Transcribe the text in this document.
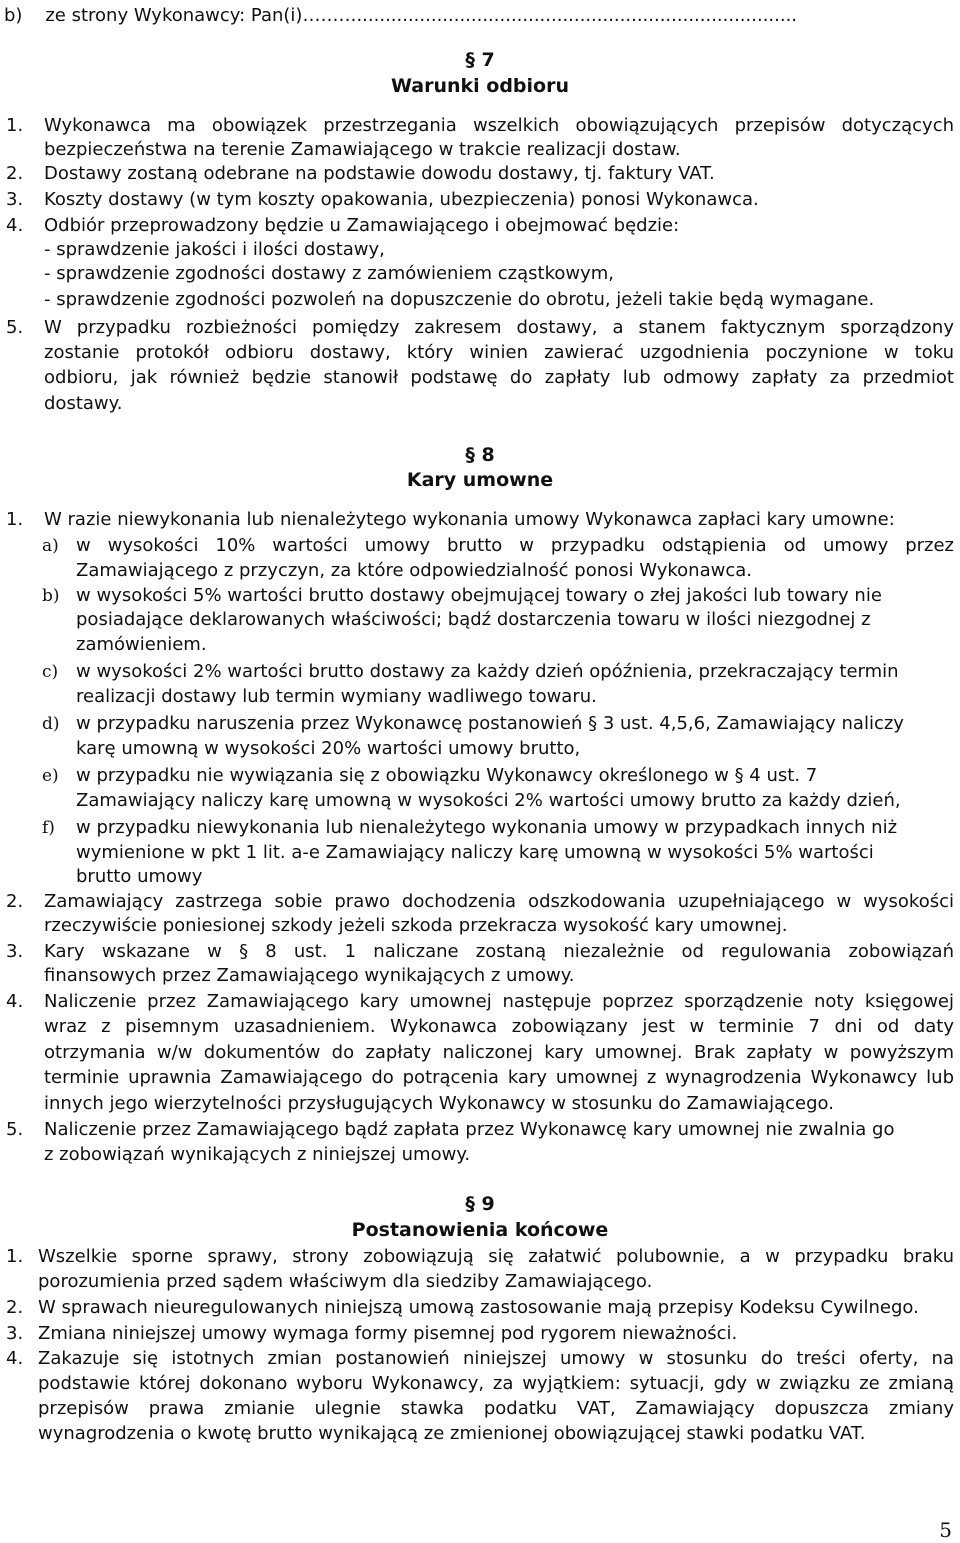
b)    ze strony Wykonawcy: Pan(i)……….............................................................................
§ 7
Warunki odbioru
1. Wykonawca ma obowiązek przestrzegania wszelkich obowiązujących przepisów dotyczących

bezpieczeństwa na terenie Zamawiającego w trakcie realizacji dostaw.

2. Dostawy zostaną odebrane na podstawie dowodu dostawy, tj. faktury VAT.

3. Koszty dostawy (w tym koszty opakowania, ubezpieczenia) ponosi Wykonawca.

4. Odbiór przeprowadzony będzie u Zamawiającego i obejmować będzie:

- sprawdzenie jakości i ilości dostawy,

- sprawdzenie zgodności dostawy z zamówieniem cząstkowym,

- sprawdzenie zgodności pozwoleń na dopuszczenie do obrotu, jeżeli takie będą wymagane.

5. W przypadku rozbieżności pomiędzy zakresem dostawy, a stanem faktycznym sporządzony

zostanie protokół odbioru dostawy, który winien zawierać uzgodnienia poczynione w toku

odbioru, jak również będzie stanowił podstawę do zapłaty lub odmowy zapłaty za przedmiot

dostawy.

§ 8
Kary umowne
1. W razie niewykonania lub nienależytego wykonania umowy Wykonawca zapłaci kary umowne:

a) w wysokości 10% wartości umowy brutto w przypadku odstąpienia od umowy przez

Zamawiającego z przyczyn, za które odpowiedzialność ponosi Wykonawca.

b) w wysokości 5% wartości brutto dostawy obejmującej towary o złej jakości lub towary nie

posiadające deklarowanych właściwości; bądź dostarczenia towaru w ilości niezgodnej z

zamówieniem.

c) w wysokości 2% wartości brutto dostawy za każdy dzień opóźnienia, przekraczający termin

realizacji dostawy lub termin wymiany wadliwego towaru.

d) w przypadku naruszenia przez Wykonawcę postanowień § 3 ust. 4,5,6, Zamawiający naliczy

karę umowną w wysokości 20% wartości umowy brutto,

e) w przypadku nie wywiązania się z obowiązku Wykonawcy określonego w § 4 ust. 7

Zamawiający naliczy karę umowną w wysokości 2% wartości umowy brutto za każdy dzień,

f) w przypadku niewykonania lub nienależytego wykonania umowy w przypadkach innych niż

wymienione w pkt 1 lit. a-e Zamawiający naliczy karę umowną w wysokości 5% wartości

brutto umowy

2. Zamawiający zastrzega sobie prawo dochodzenia odszkodowania uzupełniającego w wysokości

rzeczywiście poniesionej szkody jeżeli szkoda przekracza wysokość kary umownej.

3. Kary wskazane w § 8 ust. 1 naliczane zostaną niezależnie od regulowania zobowiązań

finansowych przez Zamawiającego wynikających z umowy.

4. Naliczenie przez Zamawiającego kary umownej następuje poprzez sporządzenie noty księgowej

wraz z pisemnym uzasadnieniem. Wykonawca zobowiązany jest w terminie 7 dni od daty

otrzymania w/w dokumentów do zapłaty naliczonej kary umownej. Brak zapłaty w powyższym

terminie uprawnia Zamawiającego do potrącenia kary umownej z wynagrodzenia Wykonawcy lub

innych jego wierzytelności przysługujących Wykonawcy w stosunku do Zamawiającego.

5. Naliczenie przez Zamawiającego bądź zapłata przez Wykonawcę kary umownej nie zwalnia go

z zobowiązań wynikających z niniejszej umowy.

§ 9
Postanowienia końcowe
1. Wszelkie sporne sprawy, strony zobowiązują się załatwić polubownie, a w przypadku braku

porozumienia przed sądem właściwym dla siedziby Zamawiającego.

2. W sprawach nieuregulowanych niniejszą umową zastosowanie mają przepisy Kodeksu Cywilnego.

3. Zmiana niniejszej umowy wymaga formy pisemnej pod rygorem nieważności.

4. Zakazuje się istotnych zmian postanowień niniejszej umowy w stosunku do treści oferty, na

podstawie której dokonano wyboru Wykonawcy, za wyjątkiem: sytuacji, gdy w związku ze zmianą

przepisów prawa zmianie ulegnie stawka podatku VAT, Zamawiający dopuszcza zmiany

wynagrodzenia o kwotę brutto wynikającą ze zmienionej obowiązującej stawki podatku VAT.

5
